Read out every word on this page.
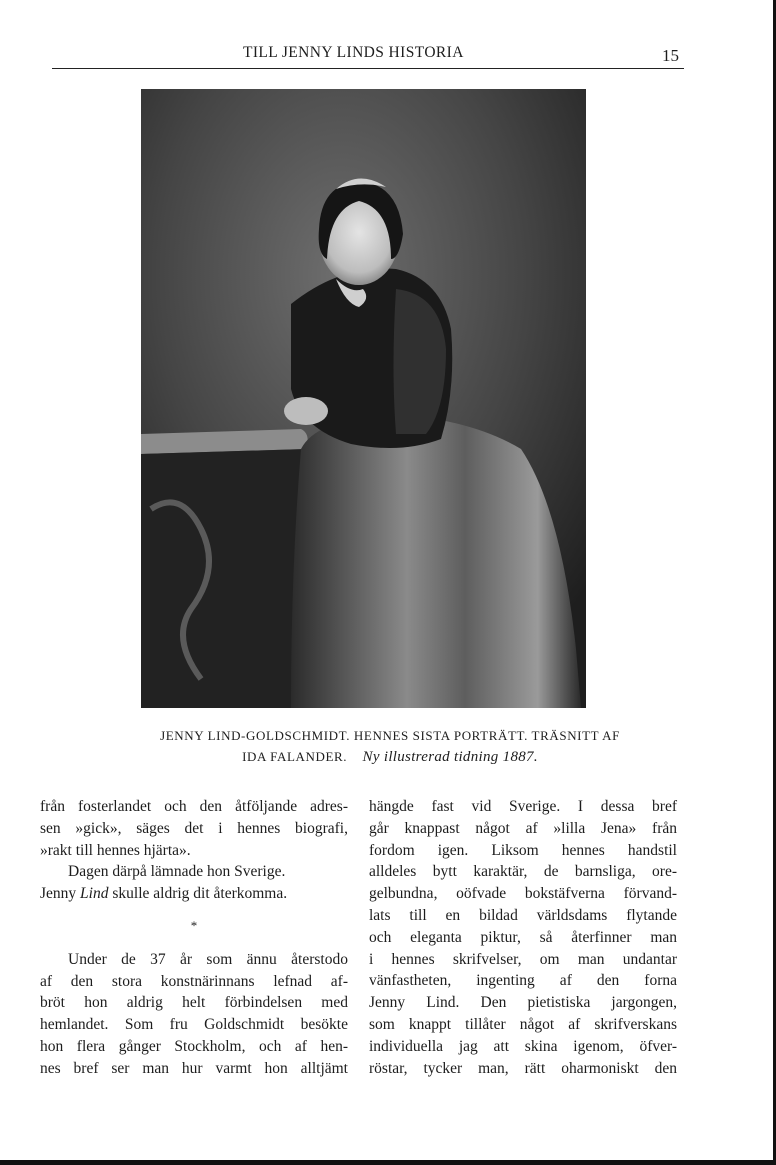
TILL JENNY LINDS HISTORIA	15
JENNY LIND-GOLDSCHMIDT. HENNES SISTA PORTRÄTT. TRÄSNITT AF
IDA FALANDER. Ny illustrerad tidning 1887.
från fosterlandet och den åtföljande adres-
sen »gick», säges det i hennes biografi,
»rakt till hennes hjärta».
Dagen därpå lämnade hon Sverige.
Jenny Lind skulle aldrig dit återkomma.
*
Under de 37 år som ännu återstodo
af den stora konstnärinnans lefnad af-
bröt hon aldrig helt förbindelsen med
hemlandet. Som fru Goldschmidt besökte
hon flera gånger Stockholm, och af hen-
nes bref ser man hur varmt hon alltjämt
hängde fast vid Sverige. I dessa bref
går knappast något af »lilla Jena» från
fordom igen. Liksom hennes handstil
alldeles bytt karaktär, de barnsliga, ore-
gelbundna, oöfvade bokstäfverna förvand-
lats till en bildad världsdams flytande
och eleganta piktur, så återfinner man
i hennes skrifvelser, om man undantar
vänfastheten, ingenting af den forna
Jenny Lind. Den pietistiska jargongen,
som knappt tillåter något af skrifverskans
individuella jag att skina igenom, öfver-
röstar, tycker man, rätt oharmoniskt den
